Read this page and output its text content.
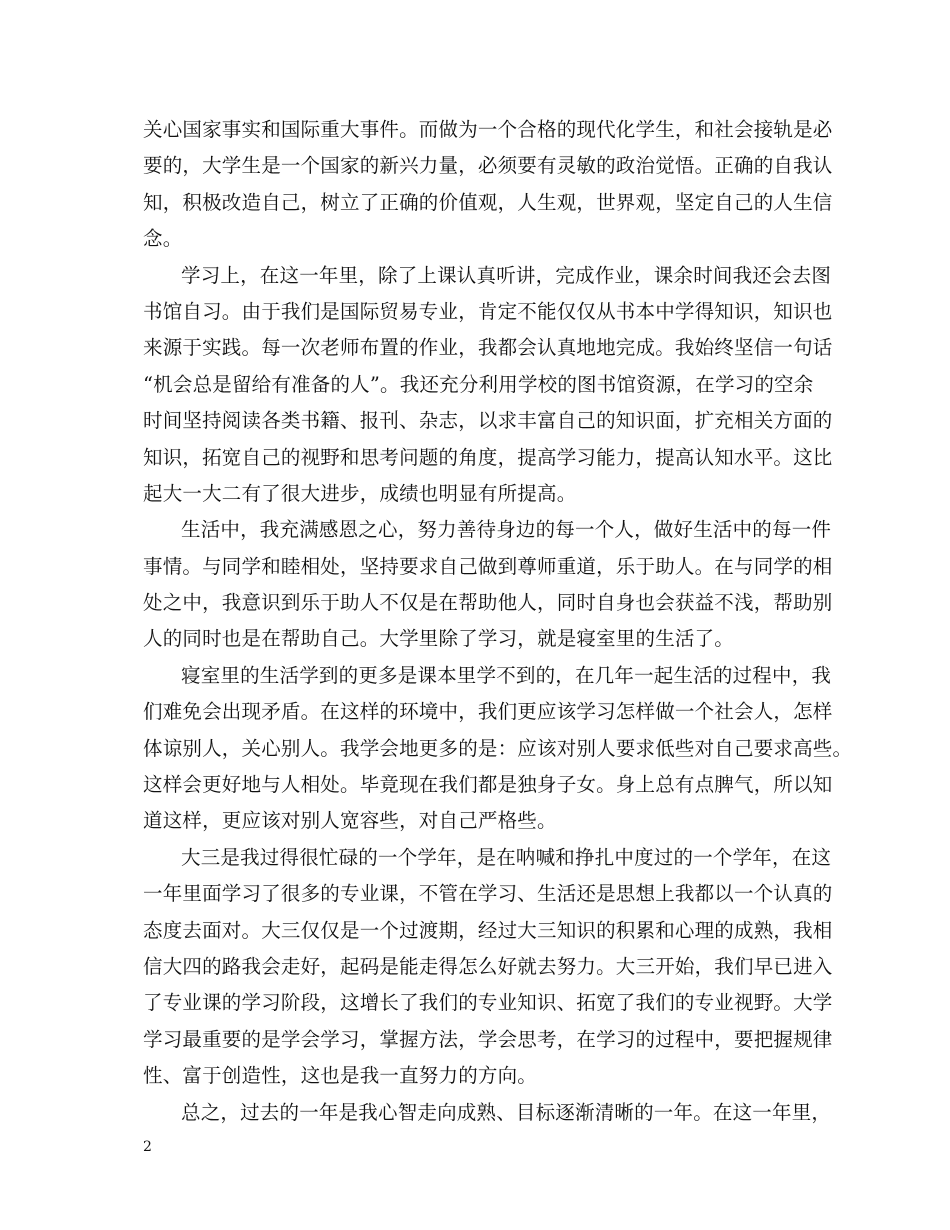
关心国家事实和国际重大事件。而做为一个合格的现代化学生，和社会接轨是必
要的，大学生是一个国家的新兴力量，必须要有灵敏的政治觉悟。正确的自我认
知，积极改造自己，树立了正确的价值观，人生观，世界观，坚定自己的人生信
念。
学习上，在这一年里，除了上课认真听讲，完成作业，课余时间我还会去图
书馆自习。由于我们是国际贸易专业，肯定不能仅仅从书本中学得知识，知识也
来源于实践。每一次老师布置的作业，我都会认真地地完成。我始终坚信一句话
“机会总是留给有准备的人”。我还充分利用学校的图书馆资源，在学习的空余
时间坚持阅读各类书籍、报刊、杂志，以求丰富自己的知识面，扩充相关方面的
知识，拓宽自己的视野和思考问题的角度，提高学习能力，提高认知水平。这比
起大一大二有了很大进步，成绩也明显有所提高。
生活中，我充满感恩之心，努力善待身边的每一个人，做好生活中的每一件
事情。与同学和睦相处，坚持要求自己做到尊师重道，乐于助人。在与同学的相
处之中，我意识到乐于助人不仅是在帮助他人，同时自身也会获益不浅，帮助别
人的同时也是在帮助自己。大学里除了学习，就是寝室里的生活了。
寝室里的生活学到的更多是课本里学不到的，在几年一起生活的过程中，我
们难免会出现矛盾。在这样的环境中，我们更应该学习怎样做一个社会人，怎样
体谅别人，关心别人。我学会地更多的是：应该对别人要求低些对自己要求高些。
这样会更好地与人相处。毕竟现在我们都是独身子女。身上总有点脾气，所以知
道这样，更应该对别人宽容些，对自己严格些。
大三是我过得很忙碌的一个学年，是在呐喊和挣扎中度过的一个学年，在这
一年里面学习了很多的专业课，不管在学习、生活还是思想上我都以一个认真的
态度去面对。大三仅仅是一个过渡期，经过大三知识的积累和心理的成熟，我相
信大四的路我会走好，起码是能走得怎么好就去努力。大三开始，我们早已进入
了专业课的学习阶段，这增长了我们的专业知识、拓宽了我们的专业视野。大学
学习最重要的是学会学习，掌握方法，学会思考，在学习的过程中，要把握规律
性、富于创造性，这也是我一直努力的方向。
总之，过去的一年是我心智走向成熟、目标逐渐清晰的一年。在这一年里，
2
